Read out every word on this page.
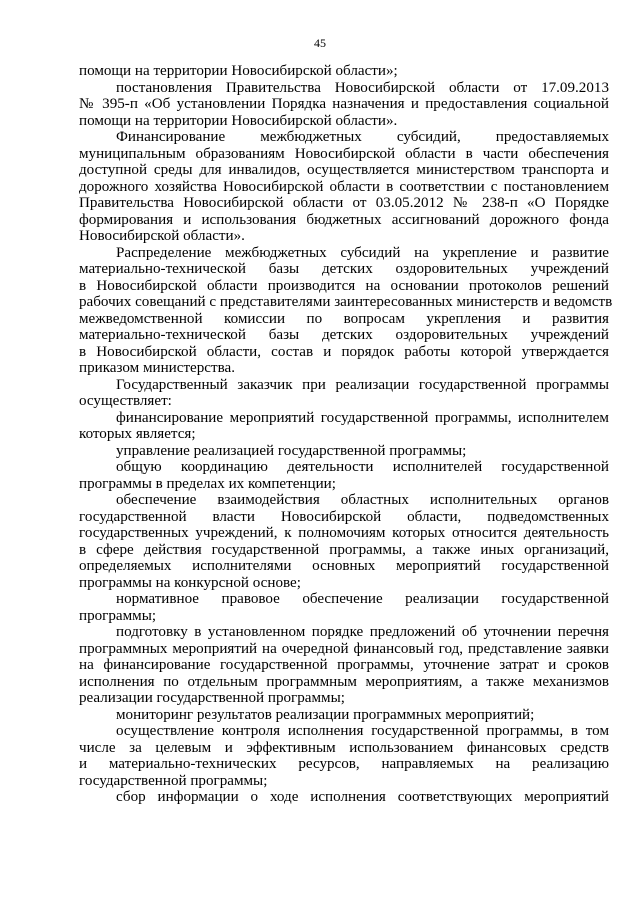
45
помощи на территории Новосибирской области»;
постановления Правительства Новосибирской области от 17.09.2013
№ 395-п «Об установлении Порядка назначения и предоставления социальной
помощи на территории Новосибирской области».
Финансирование межбюджетных субсидий, предоставляемых
муниципальным образованиям Новосибирской области в части обеспечения
доступной среды для инвалидов, осуществляется министерством транспорта и
дорожного хозяйства Новосибирской области в соответствии с постановлением
Правительства Новосибирской области от 03.05.2012 № 238-п «О Порядке
формирования и использования бюджетных ассигнований дорожного фонда
Новосибирской области».
Распределение межбюджетных субсидий на укрепление и развитие
материально-технической базы детских оздоровительных учреждений
в Новосибирской области производится на основании протоколов решений
рабочих совещаний с представителями заинтересованных министерств и ведомств
межведомственной комиссии по вопросам укрепления и развития
материально-технической базы детских оздоровительных учреждений
в Новосибирской области, состав и порядок работы которой утверждается
приказом министерства.
Государственный заказчик при реализации государственной программы
осуществляет:
финансирование мероприятий государственной программы, исполнителем
которых является;
управление реализацией государственной программы;
общую координацию деятельности исполнителей государственной
программы в пределах их компетенции;
обеспечение взаимодействия областных исполнительных органов
государственной власти Новосибирской области, подведомственных
государственных учреждений, к полномочиям которых относится деятельность
в сфере действия государственной программы, а также иных организаций,
определяемых исполнителями основных мероприятий государственной
программы на конкурсной основе;
нормативное правовое обеспечение реализации государственной
программы;
подготовку в установленном порядке предложений об уточнении перечня
программных мероприятий на очередной финансовый год, представление заявки
на финансирование государственной программы, уточнение затрат и сроков
исполнения по отдельным программным мероприятиям, а также механизмов
реализации государственной программы;
мониторинг результатов реализации программных мероприятий;
осуществление контроля исполнения государственной программы, в том
числе за целевым и эффективным использованием финансовых средств
и материально-технических ресурсов, направляемых на реализацию
государственной программы;
сбор информации о ходе исполнения соответствующих мероприятий
